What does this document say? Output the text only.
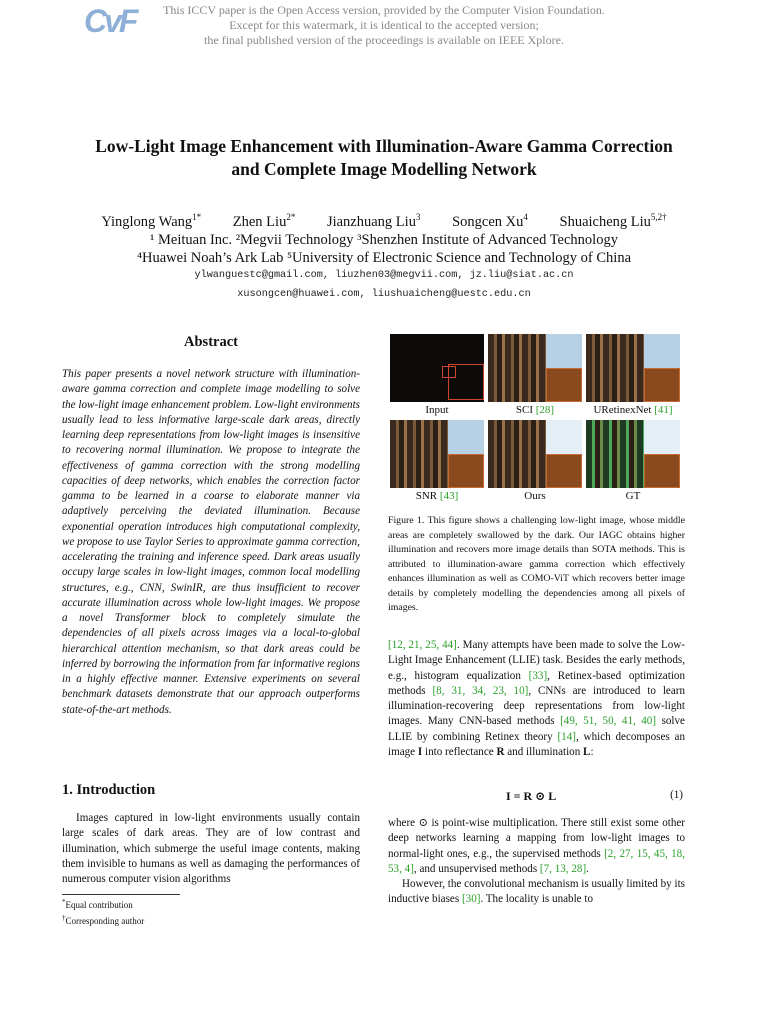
CvF	This ICCV paper is the Open Access version, provided by the Computer Vision Foundation.
Except for this watermark, it is identical to the accepted version;
the final published version of the proceedings is available on IEEE Xplore.
Low-Light Image Enhancement with Illumination-Aware Gamma Correction
and Complete Image Modelling Network
Yinglong Wang$^{1*}$ Zhen Liu$^{2*}$ Jianzhuang Liu$^3$ Songcen Xu$^4$ Shuaicheng Liu$^{5,2\dagger}$
¹ Meituan Inc. ²Megvii Technology ³Shenzhen Institute of Advanced Technology
⁴Huawei Noah’s Ark Lab ⁵University of Electronic Science and Technology of China
ylwanguestc@gmail.com, liuzhen03@megvii.com, jz.liu@siat.ac.cn
xusongcen@huawei.com, liushuaicheng@uestc.edu.cn
Abstract
This paper presents a novel network structure with illumination-aware gamma correction and complete image modelling to solve the low-light image enhancement problem. Low-light environments usually lead to less informative large-scale dark areas, directly learning deep representations from low-light images is insensitive to recovering normal illumination. We propose to integrate the effectiveness of gamma correction with the strong modelling capacities of deep networks, which enables the correction factor gamma to be learned in a coarse to elaborate manner via adaptively perceiving the deviated illumination. Because exponential operation introduces high computational complexity, we propose to use Taylor Series to approximate gamma correction, accelerating the training and inference speed. Dark areas usually occupy large scales in low-light images, common local modelling structures, e.g., CNN, SwinIR, are thus insufficient to recover accurate illumination across whole low-light images. We propose a novel Transformer block to completely simulate the dependencies of all pixels across images via a local-to-global hierarchical attention mechanism, so that dark areas could be inferred by borrowing the information from far informative regions in a highly effective manner. Extensive experiments on several benchmark datasets demonstrate that our approach outperforms state-of-the-art methods.
1. Introduction
Images captured in low-light environments usually contain large scales of dark areas. They are of low contrast and illumination, which submerge the useful image contents, making them invisible to humans as well as damaging the performances of numerous computer vision algorithms
*Equal contribution
†Corresponding author
Input	SCI [28]	URetinexNet [41]
SNR [43]	Ours	GT
Figure 1. This figure shows a challenging low-light image, whose middle areas are completely swallowed by the dark. Our IAGC obtains higher illumination and recovers more image details than SOTA methods. This is attributed to illumination-aware gamma correction which effectively enhances illumination as well as COMO-ViT which recovers better image details by completely modelling the dependencies among all pixels of images.
[12, 21, 25, 44]. Many attempts have been made to solve the Low-Light Image Enhancement (LLIE) task. Besides the early methods, e.g., histogram equalization [33], Retinex-based optimization methods [8, 31, 34, 23, 10], CNNs are introduced to learn illumination-recovering deep representations from low-light images. Many CNN-based methods [49, 51, 50, 41, 40] solve LLIE by combining Retinex theory [14], which decomposes an image I into reflectance R and illumination L:
I = R ⊙ L	(1)

where ⊙ is point-wise multiplication. There still exist some other deep networks learning a mapping from low-light images to normal-light ones, e.g., the supervised methods [2, 27, 15, 45, 18, 53, 4], and unsupervised methods [7, 13, 28].

However, the convolutional mechanism is usually limited by its inductive biases [30]. The locality is unable to
